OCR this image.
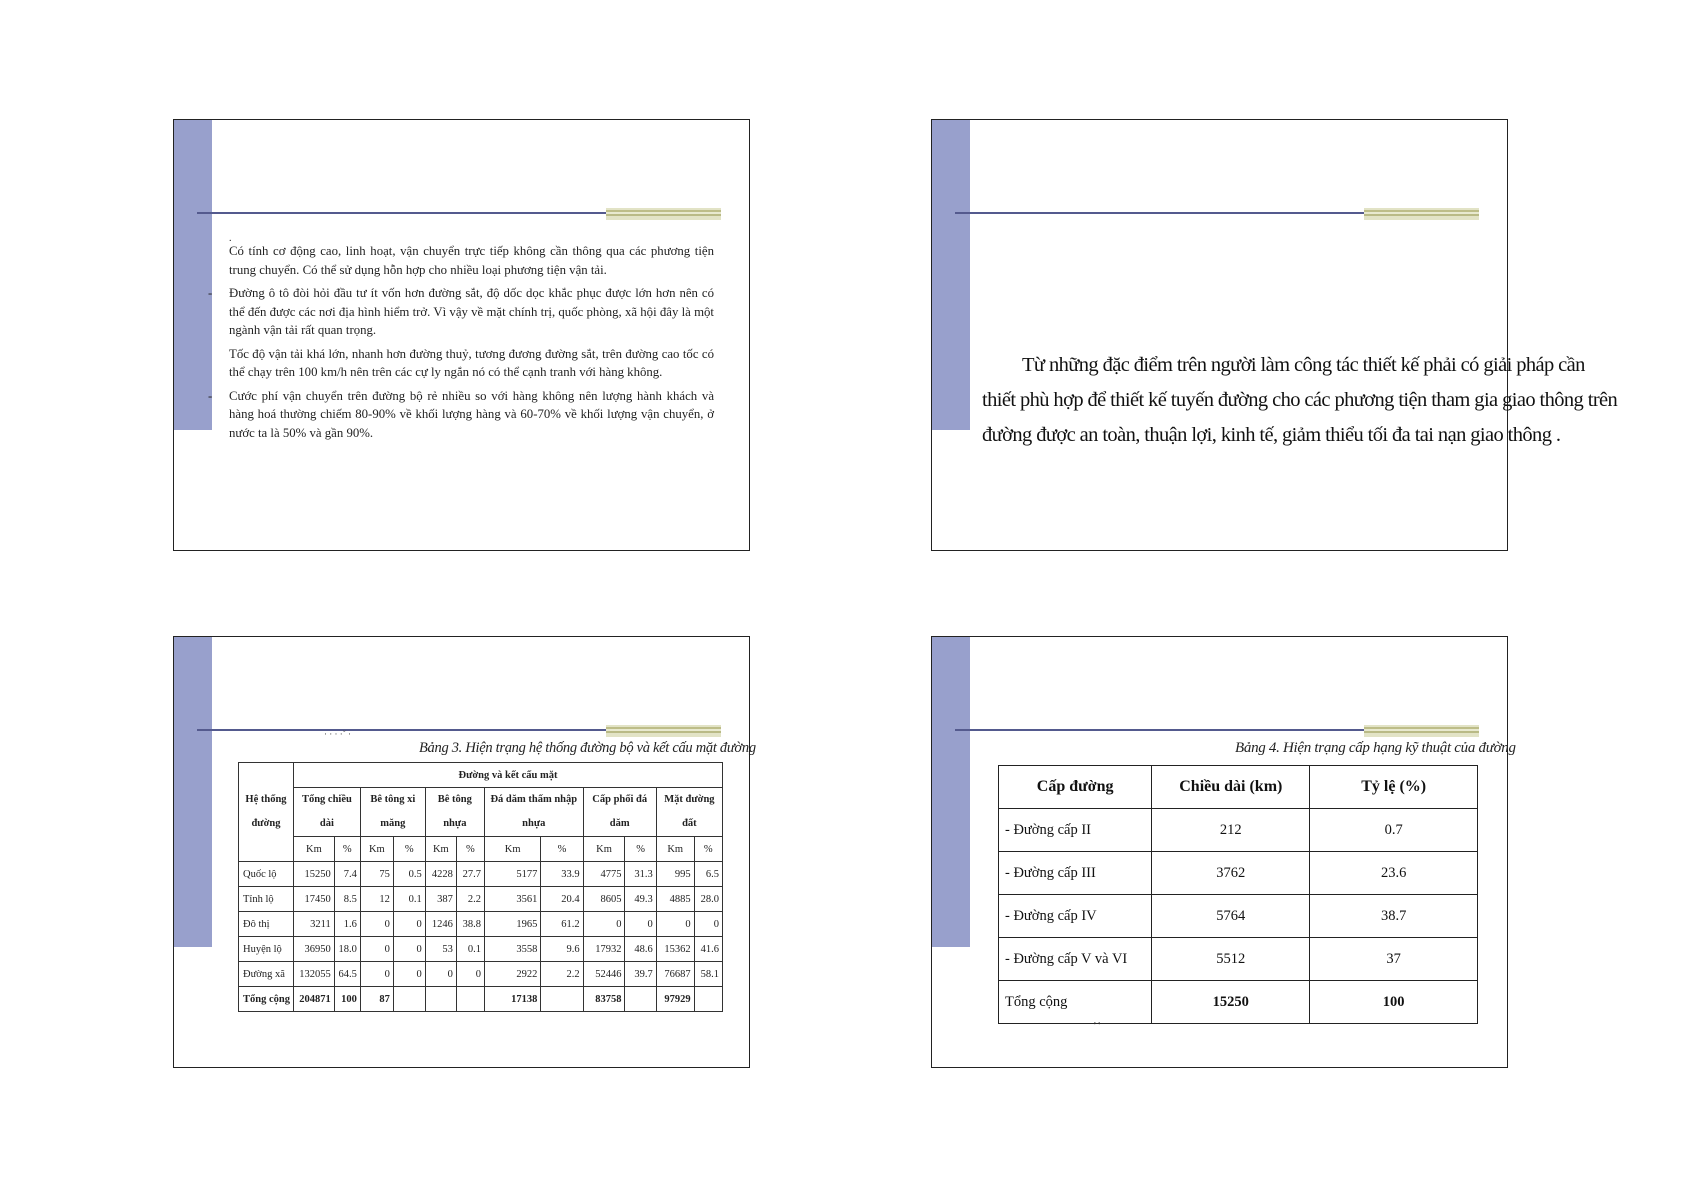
.
Có tính cơ động cao, linh hoạt, vận chuyển trực tiếp không cần thông qua các phương tiện trung chuyển. Có thể sử dụng hỗn hợp cho nhiều loại phương tiện vận tải.

- Đường ô tô đòi hỏi đầu tư ít vốn hơn đường sắt, độ dốc dọc khắc phục được lớn hơn nên có thể đến được các nơi địa hình hiểm trở. Vì vậy về mặt chính trị, quốc phòng, xã hội đây là một ngành vận tải rất quan trọng.

Tốc độ vận tải khá lớn, nhanh hơn đường thuỷ, tương đương đường sắt, trên đường cao tốc có thể chạy trên 100 km/h nên trên các cự ly ngắn nó có thể cạnh tranh với hàng không.

- Cước phí vận chuyển trên đường bộ rẻ nhiều so với hàng không nên lượng hành khách và hàng hoá thường chiếm 80-90% về khối lượng hàng và 60-70% về khối lượng vận chuyển, ở nước ta là 50% và gần 90%.

Từ những đặc điểm trên người làm công tác thiết kế phải có giải pháp cần
thiết phù hợp để thiết kế tuyến đường cho các phương tiện tham gia giao thông trên
đường được an toàn, thuận lợi, kinh tế, giảm thiểu tối đa tai nạn giao thông .
· · · ·˘ ·
Bảng 3. Hiện trạng hệ thống đường bộ và kết cấu mặt đường
Hệ thống đường	Đường và kết cấu mặt											
	Tổng chiều dài		Bê tông xi măng		Bê tông nhựa		Đá dăm thấm nhập nhựa		Cấp phối đá dăm		Mặt đường đất	
	Km	%	Km	%	Km	%	Km	%	Km	%	Km	%
Quốc lộ	15250	7.4	75	0.5	4228	27.7	5177	33.9	4775	31.3	995	6.5
Tỉnh lộ	17450	8.5	12	0.1	387	2.2	3561	20.4	8605	49.3	4885	28.0
Đô thị	3211	1.6	0	0	1246	38.8	1965	61.2	0	0	0	0
Huyện lộ	36950	18.0	0	0	53	0.1	3558	9.6	17932	48.6	15362	41.6
Đường xã	132055	64.5	0	0	0	0	2922	2.2	52446	39.7	76687	58.1
Tổng cộng	204871	100	87				17138		83758		97929	
Bảng 4. Hiện trạng cấp hạng kỹ thuật của đường
Cấp đường	Chiều dài (km)	Tỷ lệ (%)
- Đường cấp II	212	0.7
- Đường cấp III	3762	23.6
- Đường cấp IV	5764	38.7
- Đường cấp V và VI	5512	37
Tổng cộng	15250	100
' '
